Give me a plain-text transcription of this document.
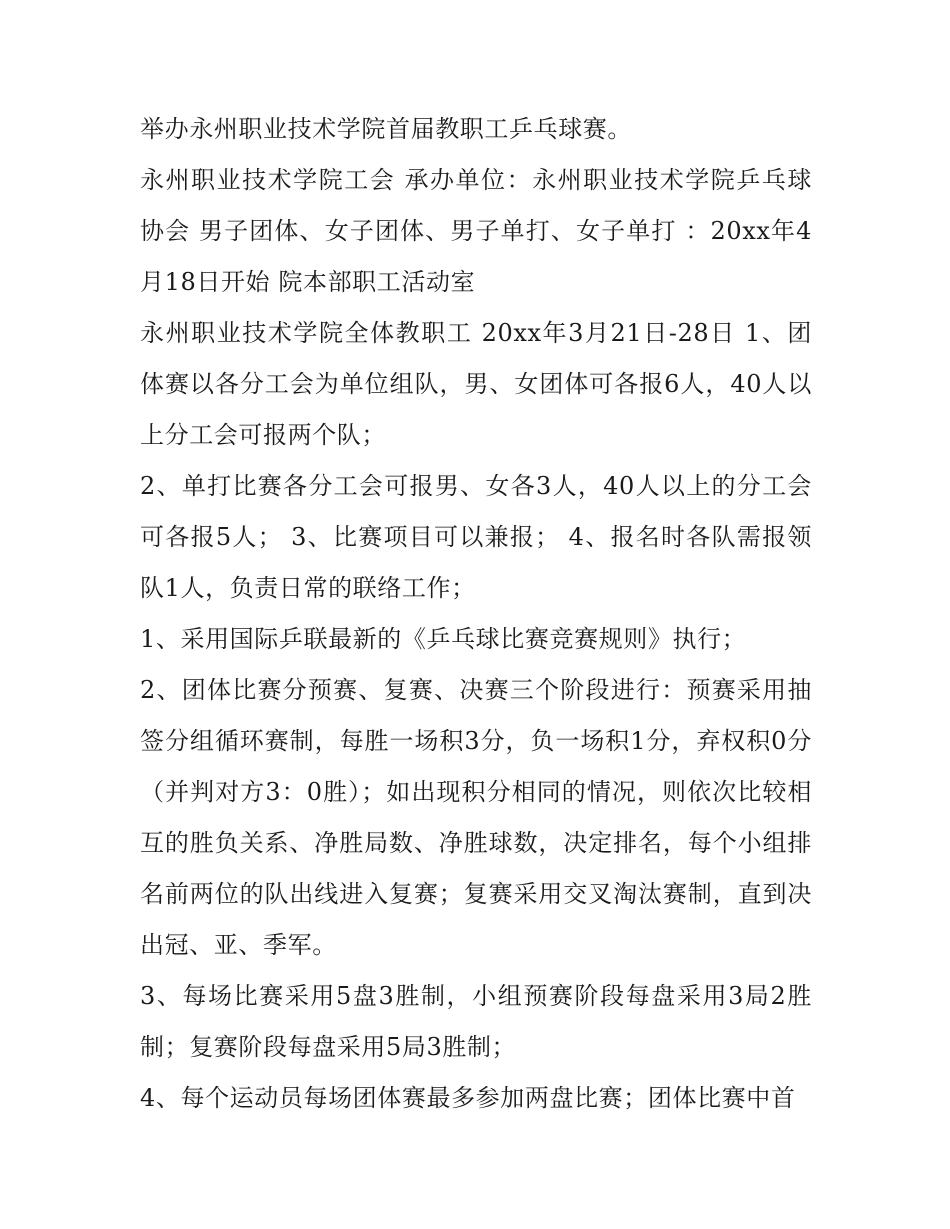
举办永州职业技术学院首届教职工乒乓球赛。

永州职业技术学院工会 承办单位：永州职业技术学院乒乓球协会 男子团体、女子团体、男子单打、女子单打 ：20xx年4月18日开始 院本部职工活动室

永州职业技术学院全体教职工 20xx年3月21日-28日 1、团体赛以各分工会为单位组队，男、女团体可各报6人，40人以上分工会可报两个队；

2、单打比赛各分工会可报男、女各3人，40人以上的分工会可各报5人； 3、比赛项目可以兼报； 4、报名时各队需报领队1人，负责日常的联络工作；

1、采用国际乒联最新的《乒乓球比赛竞赛规则》执行；

2、团体比赛分预赛、复赛、决赛三个阶段进行：预赛采用抽签分组循环赛制，每胜一场积3分，负一场积1分，弃权积0分（并判对方3：0胜）；如出现积分相同的情况，则依次比较相互的胜负关系、净胜局数、净胜球数，决定排名，每个小组排名前两位的队出线进入复赛；复赛采用交叉淘汰赛制，直到决出冠、亚、季军。

3、每场比赛采用5盘3胜制，小组预赛阶段每盘采用3局2胜制；复赛阶段每盘采用5局3胜制；

4、每个运动员每场团体赛最多参加两盘比赛；团体比赛中首
